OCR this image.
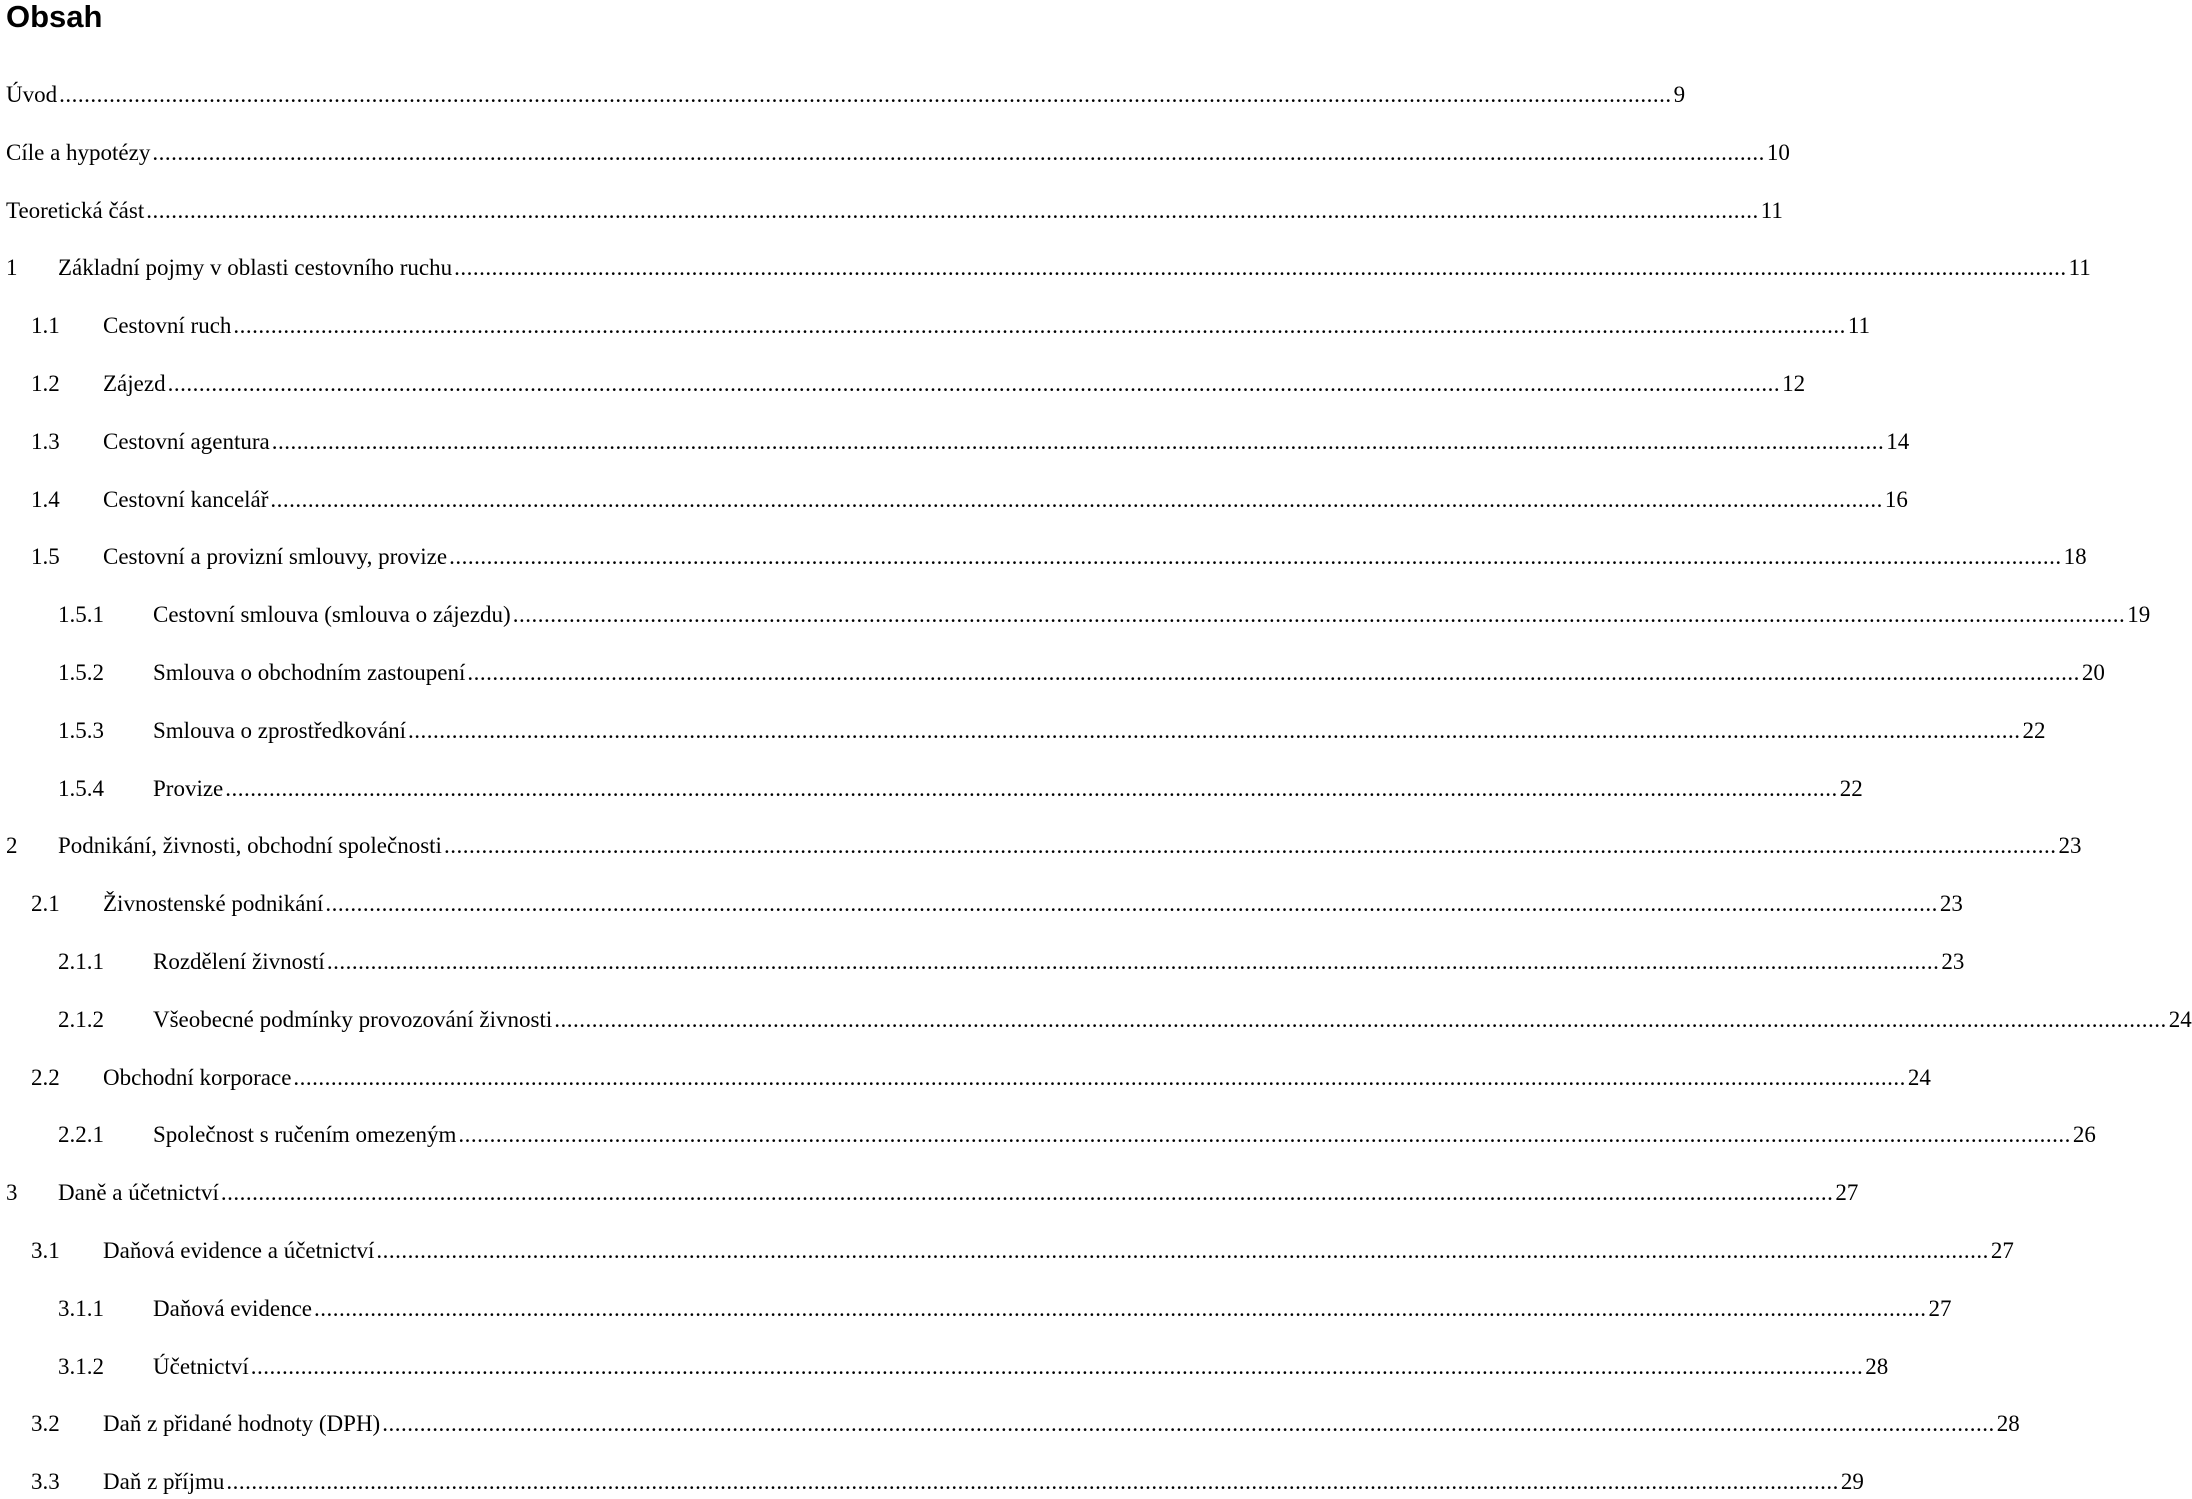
Obsah
Úvod .....	9
Cíle a hypotézy .....	10
Teoretická část .....	11
1	Základní pojmy v oblasti cestovního ruchu .....	11
1.1	Cestovní ruch .....	11
1.2	Zájezd .....	12
1.3	Cestovní agentura .....	14
1.4	Cestovní kancelář .....	16
1.5	Cestovní a provizní smlouvy, provize .....	18
1.5.1	Cestovní smlouva (smlouva o zájezdu) .....	19
1.5.2	Smlouva o obchodním zastoupení .....	20
1.5.3	Smlouva o zprostředkování .....	22
1.5.4	Provize .....	22
2	Podnikání, živnosti, obchodní společnosti .....	23
2.1	Živnostenské podnikání .....	23
2.1.1	Rozdělení živností .....	23
2.1.2	Všeobecné podmínky provozování živnosti .....	24
2.2	Obchodní korporace .....	24
2.2.1	Společnost s ručením omezeným .....	26
3	Daně a účetnictví .....	27
3.1	Daňová evidence a účetnictví .....	27
3.1.1	Daňová evidence .....	27
3.1.2	Účetnictví .....	28
3.2	Daň z přidané hodnoty (DPH) .....	28
3.3	Daň z příjmu .....	29
